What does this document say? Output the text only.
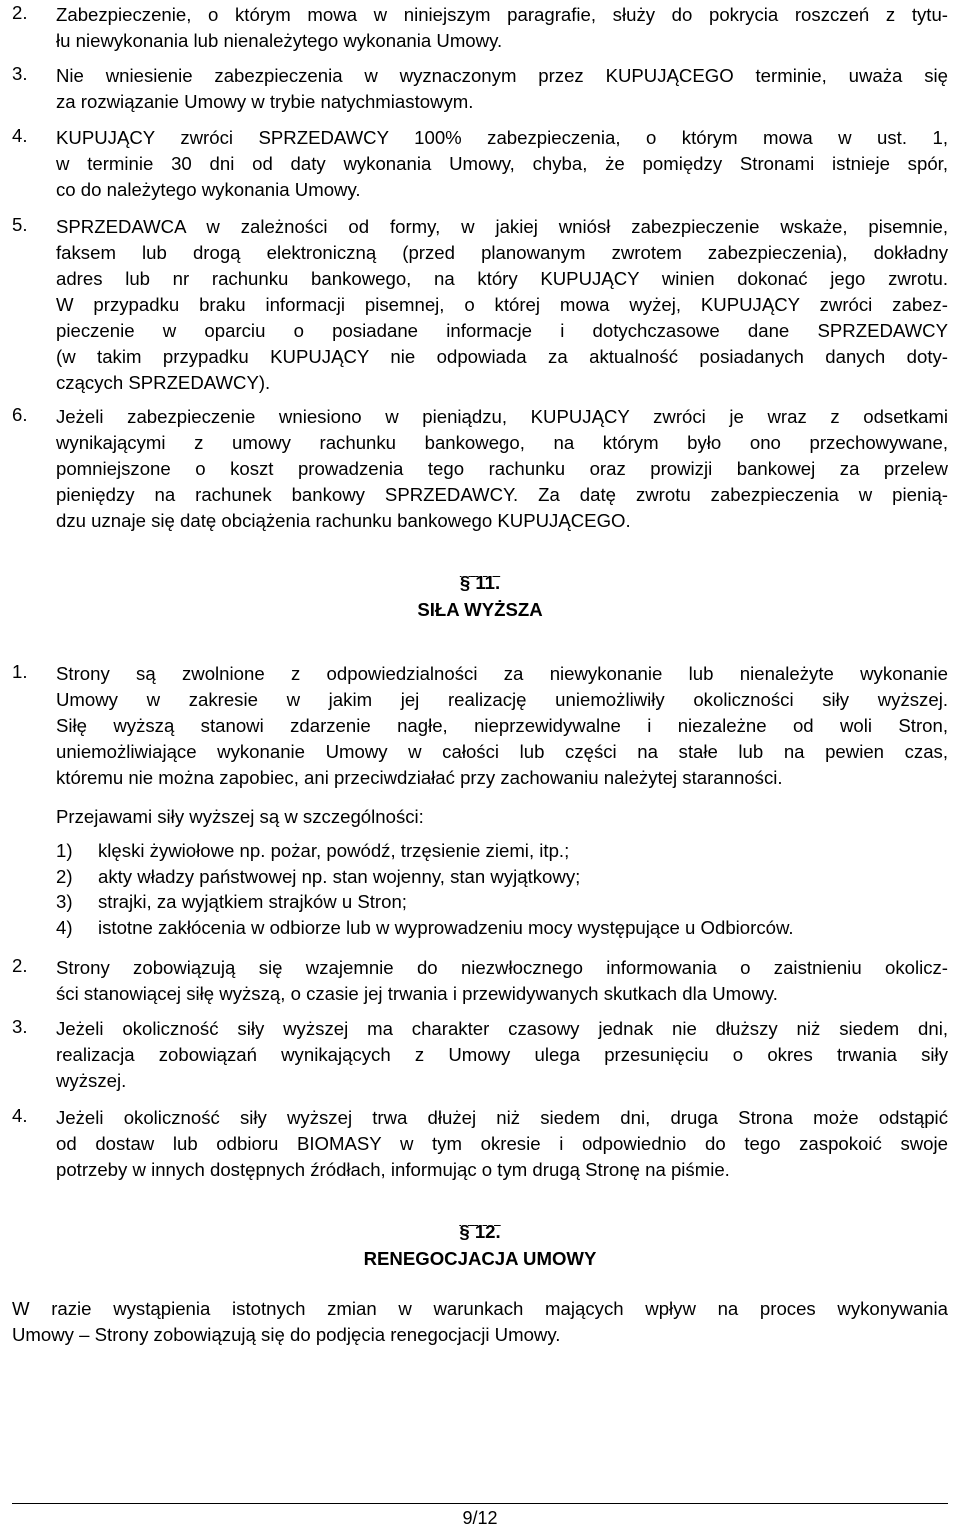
2. Zabezpieczenie, o którym mowa w niniejszym paragrafie, służy do pokrycia roszczeń z tytu-
łu niewykonania lub nienależytego wykonania Umowy.
3. Nie wniesienie zabezpieczenia w wyznaczonym przez KUPUJĄCEGO terminie, uważa się
za rozwiązanie Umowy w trybie natychmiastowym.
4. KUPUJĄCY zwróci SPRZEDAWCY 100% zabezpieczenia, o którym mowa w ust. 1,
w terminie 30 dni od daty wykonania Umowy, chyba, że pomiędzy Stronami istnieje spór,
co do należytego wykonania Umowy.
5. SPRZEDAWCA w zależności od formy, w jakiej wniósł zabezpieczenie wskaże, pisemnie,
faksem lub drogą elektroniczną (przed planowanym zwrotem zabezpieczenia), dokładny
adres lub nr rachunku bankowego, na który KUPUJĄCY winien dokonać jego zwrotu.
W przypadku braku informacji pisemnej, o której mowa wyżej, KUPUJĄCY zwróci zabez-
pieczenie w oparciu o posiadane informacje i dotychczasowe dane SPRZEDAWCY
(w takim przypadku KUPUJĄCY nie odpowiada za aktualność posiadanych danych doty-
czących SPRZEDAWCY).
6. Jeżeli zabezpieczenie wniesiono w pieniądzu, KUPUJĄCY zwróci je wraz z odsetkami
wynikającymi z umowy rachunku bankowego, na którym było ono przechowywane,
pomniejszone o koszt prowadzenia tego rachunku oraz prowizji bankowej za przelew
pieniędzy na rachunek bankowy SPRZEDAWCY. Za datę zwrotu zabezpieczenia w pienią-
dzu uznaje się datę obciążenia rachunku bankowego KUPUJĄCEGO.
§ 11.
SIŁA WYŻSZA
1. Strony są zwolnione z odpowiedzialności za niewykonanie lub nienależyte wykonanie
Umowy w zakresie w jakim jej realizację uniemożliwiły okoliczności siły wyższej.
Siłę wyższą stanowi zdarzenie nagłe, nieprzewidywalne i niezależne od woli Stron,
uniemożliwiające wykonanie Umowy w całości lub części na stałe lub na pewien czas,
któremu nie można zapobiec, ani przeciwdziałać przy zachowaniu należytej staranności.
Przejawami siły wyższej są w szczególności:
1) klęski żywiołowe np. pożar, powódź, trzęsienie ziemi, itp.;
2) akty władzy państwowej np. stan wojenny, stan wyjątkowy;
3) strajki, za wyjątkiem strajków u Stron;
4) istotne zakłócenia w odbiorze lub w wyprowadzeniu mocy występujące u Odbiorców.
2. Strony zobowiązują się wzajemnie do niezwłocznego informowania o zaistnieniu okolicz-
ści stanowiącej siłę wyższą, o czasie jej trwania i przewidywanych skutkach dla Umowy.
3. Jeżeli okoliczność siły wyższej ma charakter czasowy jednak nie dłuższy niż siedem dni,
realizacja zobowiązań wynikających z Umowy ulega przesunięciu o okres trwania siły
wyższej.
4. Jeżeli okoliczność siły wyższej trwa dłużej niż siedem dni, druga Strona może odstąpić
od dostaw lub odbioru BIOMASY w tym okresie i odpowiednio do tego zaspokoić swoje
potrzeby w innych dostępnych źródłach, informując o tym drugą Stronę na piśmie.
§ 12.
RENEGOCJACJA UMOWY
W razie wystąpienia istotnych zmian w warunkach mających wpływ na proces wykonywania
Umowy – Strony zobowiązują się do podjęcia renegocjacji Umowy.
9/12
